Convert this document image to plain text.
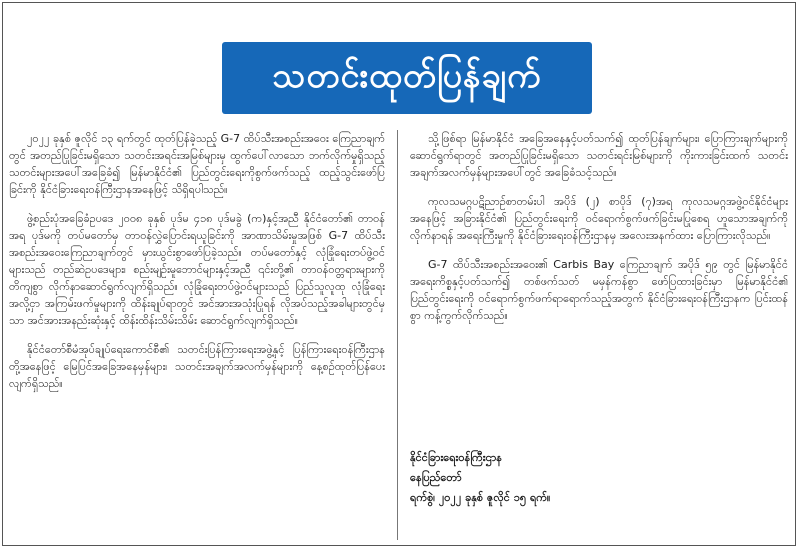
သတင်းထုတ်ပြန်ချက်

၂၀၂၂ ခုနှစ် ဇူလိုင် ၁၃ ရက်တွင် ထုတ်ပြန်ခဲ့သည့် G-7 ထိပ်သီးအစည်းအဝေး ကြေညာချက်တွင် အတည်ပြုခြင်းမရှိသော သတင်းအရင်းအမြစ်များမှ ထွက်ပေါ်လာသော ဘက်လိုက်မှုရှိသည့် သတင်းများအပေါ်အခြေခံ၍ မြန်မာနိုင်ငံ၏ ပြည်တွင်းရေးကိုစွက်ဖက်သည့် ထည့်သွင်းဖော်ပြခြင်းကို နိုင်ငံခြားရေးဝန်ကြီးဌာနအနေဖြင့် သိရှိရပါသည်။

ဖွဲ့စည်းပုံအခြေခံဥပဒေ ၂၀၀၈ ခုနှစ် ပုဒ်မ ၄၁၈ ပုဒ်မခွဲ (က)နှင့်အညီ နိုင်ငံတော်၏ တာဝန်အရ ပုဒ်မကို တပ်မတော်မှ တာဝန်လွှဲပြောင်းရယူခြင်းကို အာဏာသိမ်းမှုအဖြစ် G-7 ထိပ်သီးအစည်းအဝေးကြေညာချက်တွင် မှားယွင်းစွာဖော်ပြခဲ့သည်။ တပ်မတော်နှင့် လုံခြုံရေးတပ်ဖွဲ့ဝင်များသည် တည်ဆဲဥပဒေများ၊ စည်းမျဉ်းမူဘောင်များနှင့်အညီ ၎င်းတို့၏ တာဝန်ဝတ္တရားများကို တိကျစွာ လိုက်နာဆောင်ရွက်လျက်ရှိသည်။ လုံခြုံရေးတပ်ဖွဲ့ဝင်များသည် ပြည်သူလူထု လုံခြုံရေးအလို့ငှာ အကြမ်းဖက်မှုများကို ထိန်းချုပ်ရာတွင် အင်အားအသုံးပြုရန် လိုအပ်သည့်အခါများတွင်မှသာ အင်အားအနည်းဆုံးနှင့် ထိန်းထိန်းသိမ်းသိမ်း ဆောင်ရွက်လျက်ရှိသည်။

နိုင်ငံတော်စီမံအုပ်ချုပ်ရေးကောင်စီ၏ သတင်းပြန်ကြားရေးအဖွဲ့နှင့် ပြန်ကြားရေးဝန်ကြီးဌာနတို့အနေဖြင့် မြေပြင်အခြေအနေမှန်များ၊ သတင်းအချက်အလက်မှန်များကို နေ့စဉ်ထုတ်ပြန်ပေးလျက်ရှိသည်။

သို့ဖြစ်ရာ မြန်မာနိုင်ငံ အခြေအနေနှင့်ပတ်သက်၍ ထုတ်ပြန်ချက်များ၊ ပြောကြားချက်များကို ဆောင်ရွက်ရာတွင် အတည်ပြုခြင်းမရှိသော သတင်းရင်းမြစ်များကို ကိုးကားခြင်းထက် သတင်းအချက်အလက်မှန်များအပေါ်တွင် အခြေခံသင့်သည်။

ကုလသမဂ္ဂပဋိညာဉ်စာတမ်းပါ အပိုဒ် (၂) စာပိုဒ် (၇)အရ ကုလသမဂ္ဂအဖွဲ့ဝင်နိုင်ငံများအနေဖြင့် အခြားနိုင်ငံ၏ ပြည်တွင်းရေးကို ဝင်ရောက်စွက်ဖက်ခြင်းမပြုစေရ ဟူသောအချက်ကို လိုက်နာရန် အရေးကြီးမှုကို နိုင်ငံခြားရေးဝန်ကြီးဌာနမှ အလေးအနက်ထား ပြောကြားလိုသည်။

G-7 ထိပ်သီးအစည်းအဝေး၏ Carbis Bay ကြေညာချက် အပိုဒ် ၅၉ တွင် မြန်မာနိုင်ငံ အရေးကိစ္စနှင့်ပတ်သက်၍ တစ်ဖက်သတ် မမှန်ကန်စွာ ဖော်ပြထားခြင်းမှာ မြန်မာနိုင်ငံ၏ ပြည်တွင်းရေးကို ဝင်ရောက်စွက်ဖက်ရာရောက်သည့်အတွက် နိုင်ငံခြားရေးဝန်ကြီးဌာနက ပြင်းထန်စွာ ကန့်ကွက်လိုက်သည်။

နိုင်ငံခြားရေးဝန်ကြီးဌာန
နေပြည်တော်
ရက်စွဲ၊ ၂၀၂၂ ခုနှစ် ဇူလိုင် ၁၅ ရက်။
